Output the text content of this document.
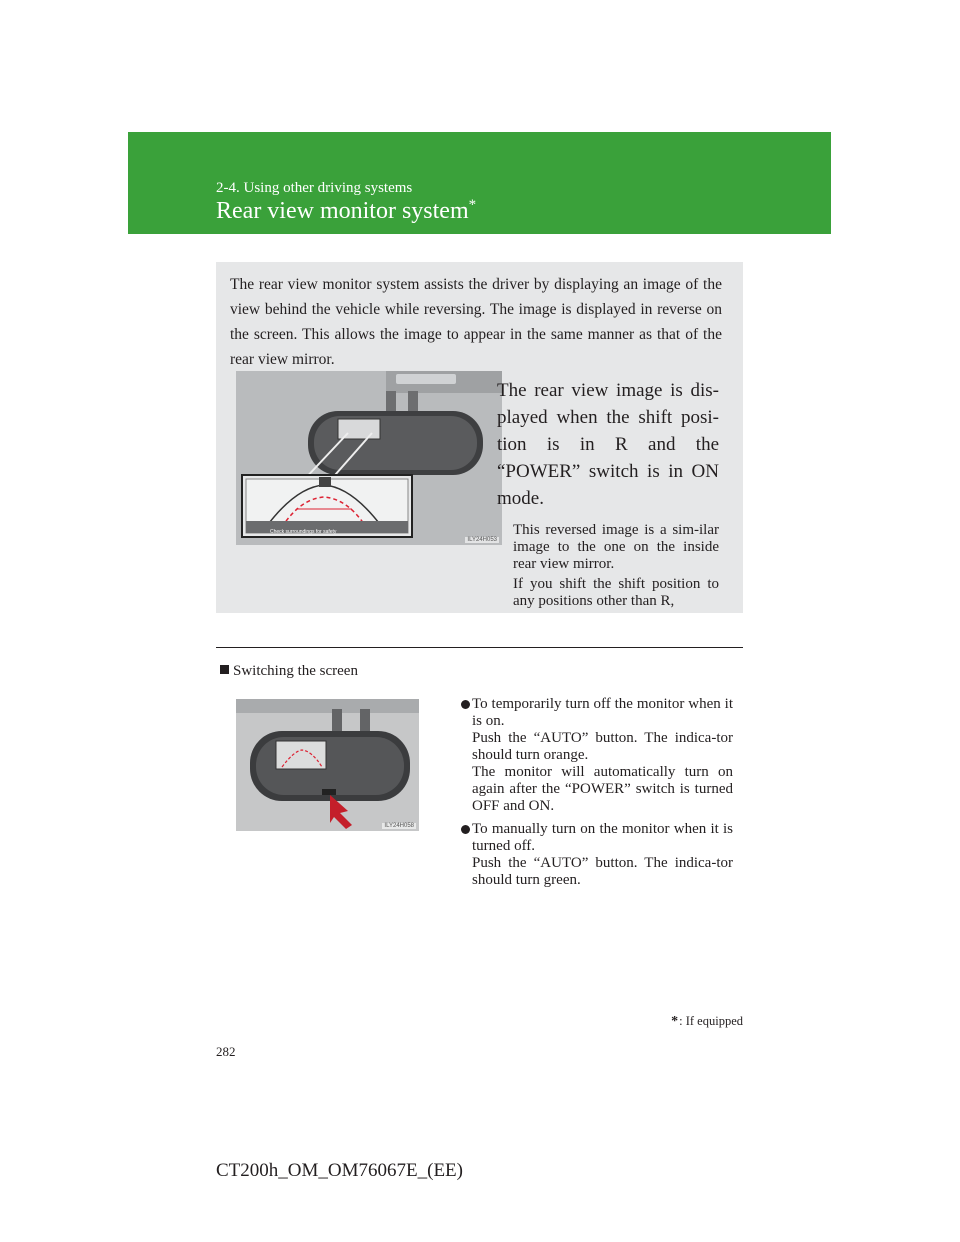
2-4. Using other driving systems
Rear view monitor system*
The rear view monitor system assists the driver by displaying an image of the view behind the vehicle while reversing. The image is displayed in reverse on the screen. This allows the image to appear in the same manner as that of the rear view mirror.
ILY24H053
Check surroundings for safety
The rear view image is dis-
played when the shift posi-
tion is in R and the
“POWER” switch is in ON
mode.
This reversed image is a sim-ilar image to the one on the inside rear view mirror.
If you shift the shift position to any positions other than R,
Switching the screen
ILY24H058

To temporarily turn off the monitor when it is on.

Push the “AUTO” button. The indica-tor should turn orange.

The monitor will automatically turn on again after the “POWER” switch is turned OFF and ON.

To manually turn on the monitor when it is turned off.

Push the “AUTO” button. The indica-tor should turn green.

*: If equipped
282
CT200h_OM_OM76067E_(EE)
